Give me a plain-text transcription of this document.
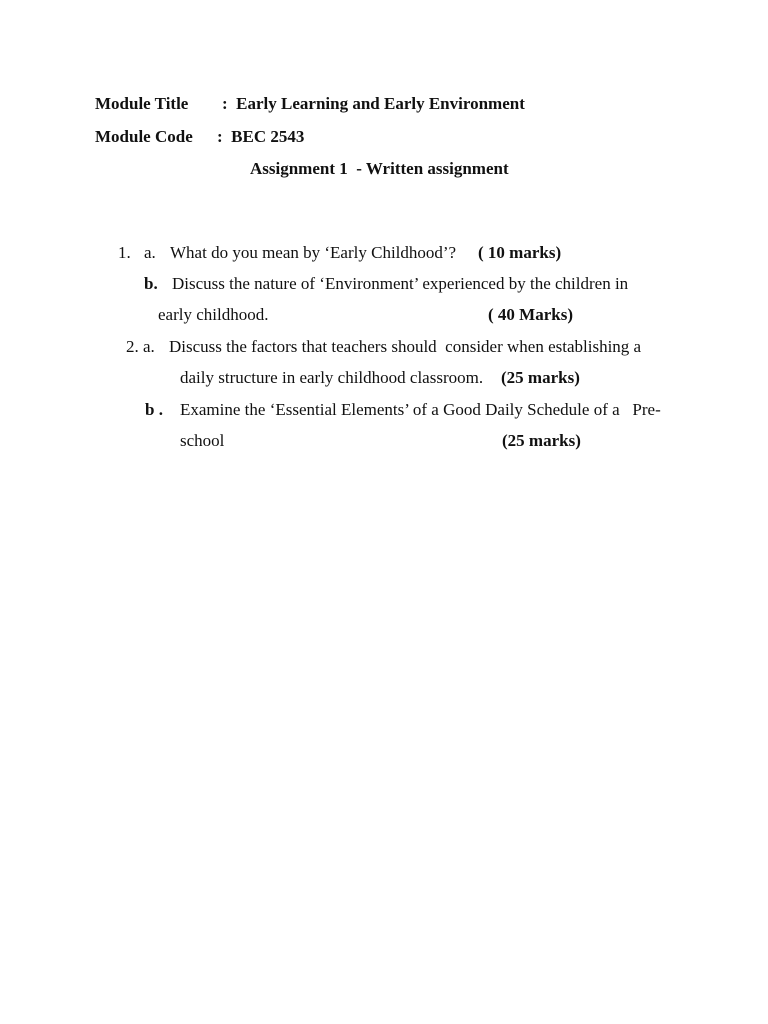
Module Title :  Early Learning and Early Environment
Module Code :  BEC 2543
Assignment 1  - Written assignment
1. a. What do you mean by ‘Early Childhood’? ( 10 marks)
b. Discuss the nature of ‘Environment’ experienced by the children in
early childhood.	( 40 Marks)
2. a. Discuss the factors that teachers should  consider when establishing a
daily structure in early childhood classroom. (25 marks)
b . Examine the ‘Essential Elements’ of a Good Daily Schedule of a   Pre-
school	(25 marks)
